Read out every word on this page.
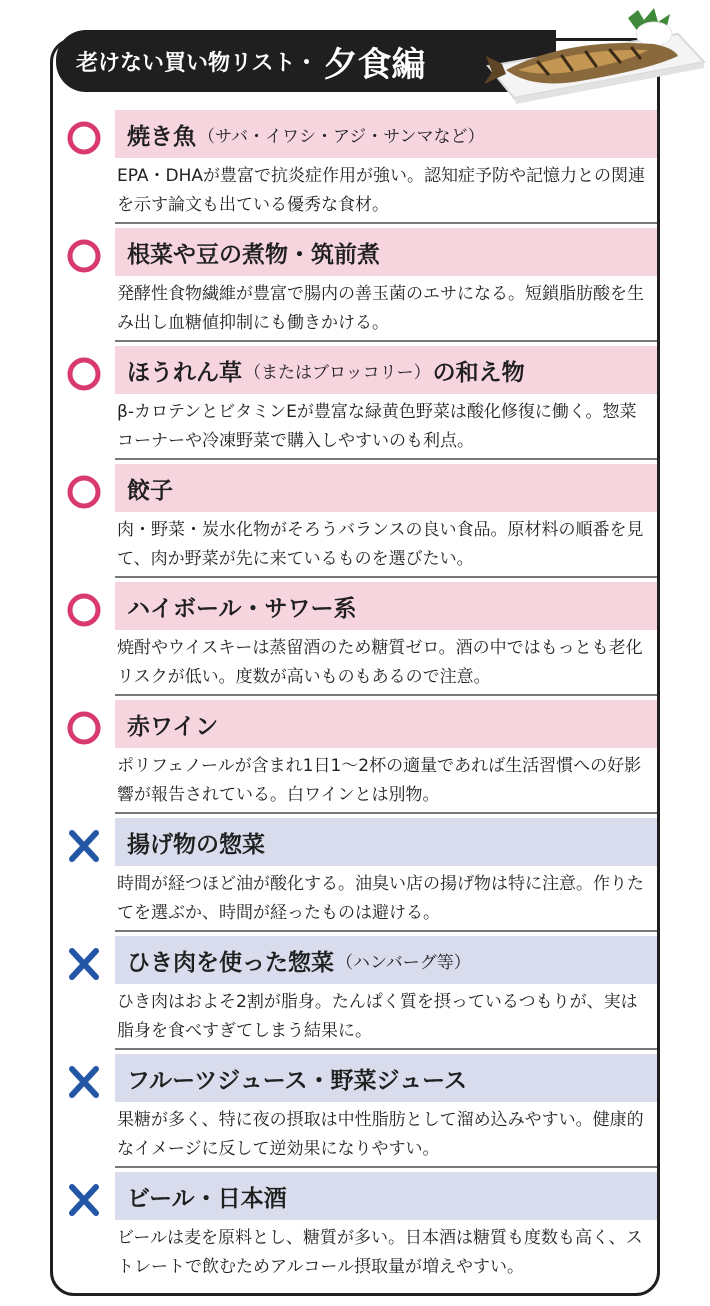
老けない買い物リスト・ 夕食編
焼き魚 （サバ・イワシ・アジ・サンマなど）
EPA・DHAが豊富で抗炎症作用が強い。認知症予防や記憶力との関連を示す論文も出ている優秀な食材。
根菜や豆の煮物・筑前煮
発酵性食物繊維が豊富で腸内の善玉菌のエサになる。短鎖脂肪酸を生み出し血糖値抑制にも働きかける。
ほうれん草 （またはブロッコリー） の和え物
β-カロテンとビタミンEが豊富な緑黄色野菜は酸化修復に働く。惣菜コーナーや冷凍野菜で購入しやすいのも利点。
餃子
肉・野菜・炭水化物がそろうバランスの良い食品。原材料の順番を見て、肉か野菜が先に来ているものを選びたい。
ハイボール・サワー系
焼酎やウイスキーは蒸留酒のため糖質ゼロ。酒の中ではもっとも老化リスクが低い。度数が高いものもあるので注意。
赤ワイン
ポリフェノールが含まれ1日1〜2杯の適量であれば生活習慣への好影響が報告されている。白ワインとは別物。
揚げ物の惣菜
時間が経つほど油が酸化する。油臭い店の揚げ物は特に注意。作りたてを選ぶか、時間が経ったものは避ける。
ひき肉を使った惣菜 （ハンバーグ等）
ひき肉はおよそ2割が脂身。たんぱく質を摂っているつもりが、実は脂身を食べすぎてしまう結果に。
フルーツジュース・野菜ジュース
果糖が多く、特に夜の摂取は中性脂肪として溜め込みやすい。健康的なイメージに反して逆効果になりやすい。
ビール・日本酒
ビールは麦を原料とし、糖質が多い。日本酒は糖質も度数も高く、ストレートで飲むためアルコール摂取量が増えやすい。
